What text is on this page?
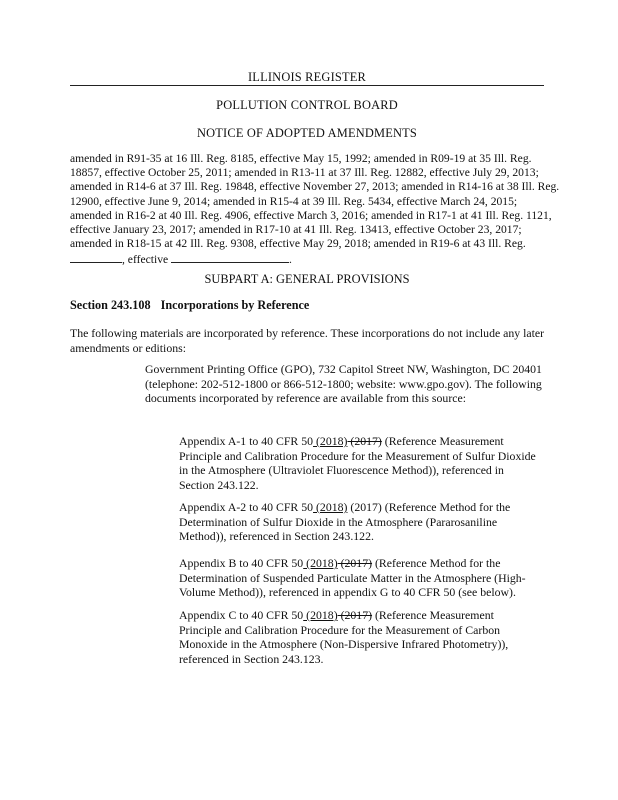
ILLINOIS REGISTER
POLLUTION CONTROL BOARD
NOTICE OF ADOPTED AMENDMENTS

amended in R91-35 at 16 Ill. Reg. 8185, effective May 15, 1992; amended in R09-19 at 35 Ill. Reg. 18857, effective October 25, 2011; amended in R13-11 at 37 Ill. Reg. 12882, effective July 29, 2013; amended in R14-6 at 37 Ill. Reg. 19848, effective November 27, 2013; amended in R14-16 at 38 Ill. Reg. 12900, effective June 9, 2014; amended in R15-4 at 39 Ill. Reg. 5434, effective March 24, 2015; amended in R16-2 at 40 Ill. Reg. 4906, effective March 3, 2016; amended in R17-1 at 41 Ill. Reg. 1121, effective January 23, 2017; amended in R17-10 at 41 Ill. Reg. 13413, effective October 23, 2017; amended in R18-15 at 42 Ill. Reg. 9308, effective May 29, 2018; amended in R19-6 at 43 Ill. Reg. , effective	.

SUBPART A: GENERAL PROVISIONS

Section 243.108 Incorporations by Reference

The following materials are incorporated by reference. These incorporations do not include any later amendments or editions:

Government Printing Office (GPO), 732 Capitol Street NW, Washington, DC 20401 (telephone: 202-512-1800 or 866-512-1800; website: www.gpo.gov). The following documents incorporated by reference are available from this source:

Appendix A-1 to 40 CFR 50 (2018) (2017) (Reference Measurement Principle and Calibration Procedure for the Measurement of Sulfur Dioxide in the Atmosphere (Ultraviolet Fluorescence Method)), referenced in Section 243.122.

Appendix A-2 to 40 CFR 50 (2018) (2017) (Reference Method for the Determination of Sulfur Dioxide in the Atmosphere (Pararosaniline Method)), referenced in Section 243.122.

Appendix B to 40 CFR 50 (2018) (2017) (Reference Method for the Determination of Suspended Particulate Matter in the Atmosphere (High-Volume Method)), referenced in appendix G to 40 CFR 50 (see below).

Appendix C to 40 CFR 50 (2018) (2017) (Reference Measurement Principle and Calibration Procedure for the Measurement of Carbon Monoxide in the Atmosphere (Non-Dispersive Infrared Photometry)), referenced in Section 243.123.
